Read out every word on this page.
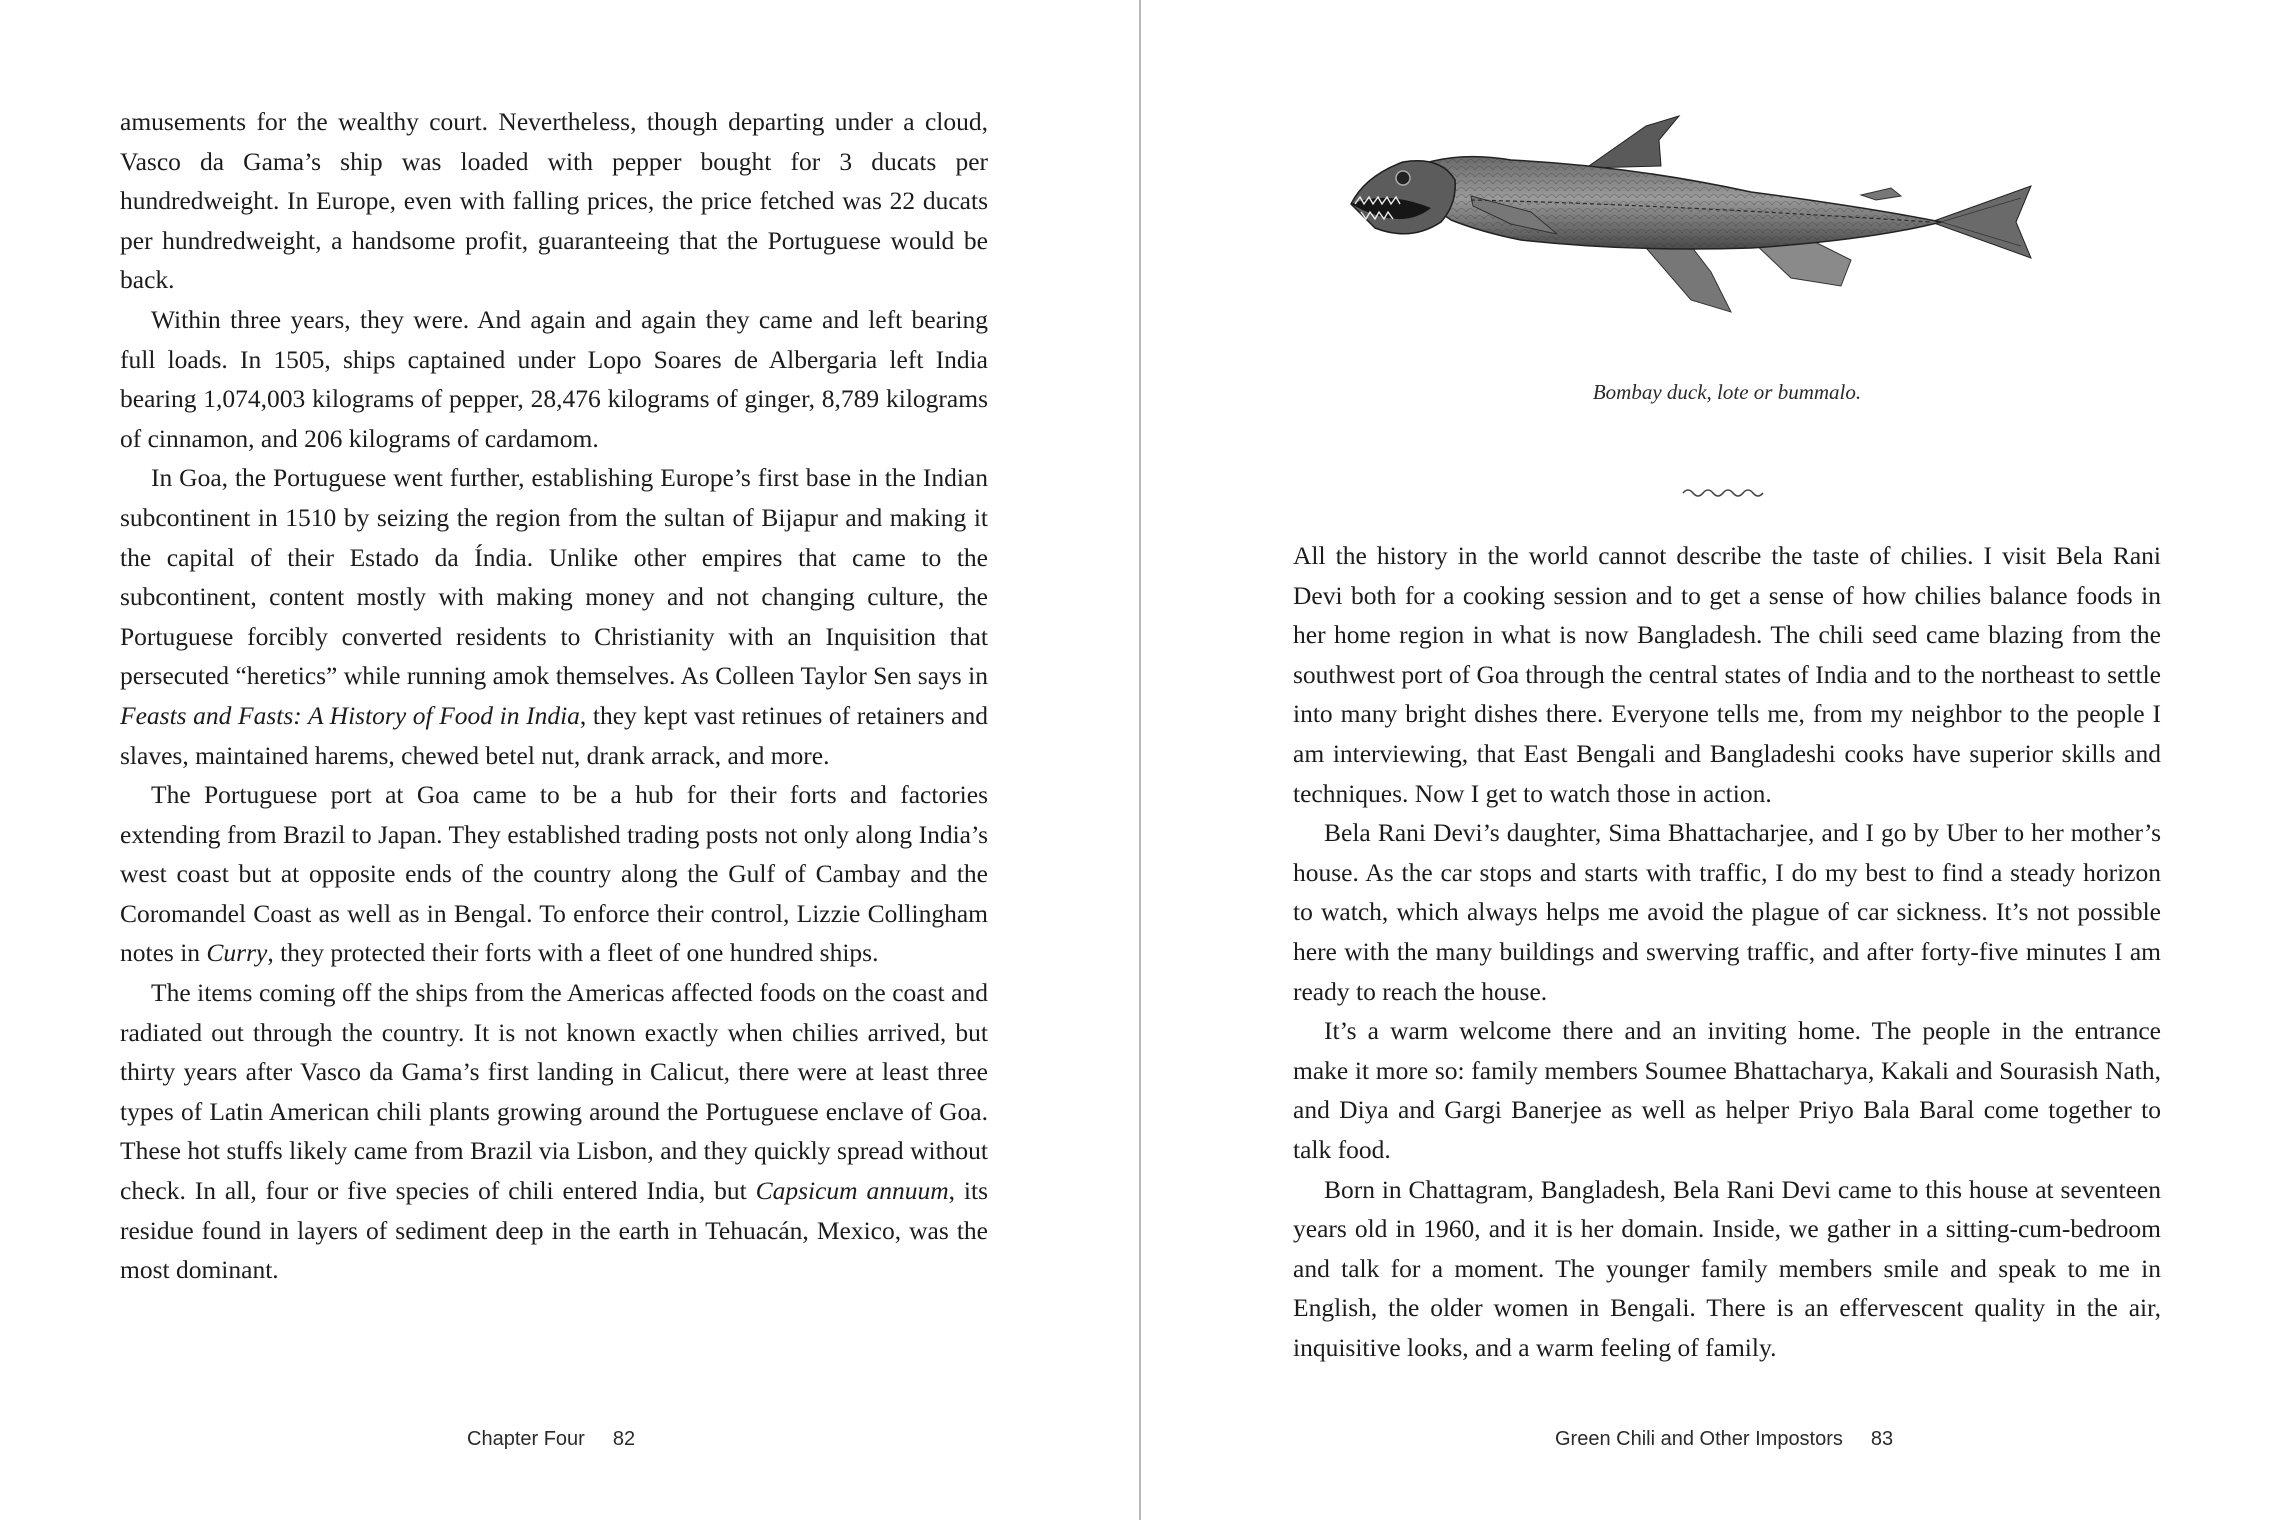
amusements for the wealthy court. Nevertheless, though departing under a cloud, Vasco da Gama’s ship was loaded with pepper bought for 3 ducats per hundredweight. In Europe, even with falling prices, the price fetched was 22 ducats per hundredweight, a handsome profit, guaranteeing that the Portuguese would be back.

Within three years, they were. And again and again they came and left bearing full loads. In 1505, ships captained under Lopo Soares de Albergaria left India bearing 1,074,003 kilograms of pepper, 28,476 kilograms of ginger, 8,789 kilograms of cinnamon, and 206 kilograms of cardamom.

In Goa, the Portuguese went further, establishing Europe’s first base in the Indian subcontinent in 1510 by seizing the region from the sultan of Bijapur and making it the capital of their Estado da Índia. Unlike other empires that came to the subcontinent, content mostly with making money and not changing culture, the Portuguese forcibly converted residents to Christianity with an Inquisition that persecuted “heretics” while running amok themselves. As Colleen Taylor Sen says in Feasts and Fasts: A History of Food in India, they kept vast retinues of retainers and slaves, maintained harems, chewed betel nut, drank arrack, and more.

The Portuguese port at Goa came to be a hub for their forts and factories extending from Brazil to Japan. They established trading posts not only along India’s west coast but at opposite ends of the country along the Gulf of Cambay and the Coromandel Coast as well as in Bengal. To enforce their control, Lizzie Collingham notes in Curry, they protected their forts with a fleet of one hundred ships.

The items coming off the ships from the Americas affected foods on the coast and radiated out through the country. It is not known exactly when chilies arrived, but thirty years after Vasco da Gama’s first landing in Calicut, there were at least three types of Latin American chili plants growing around the Portuguese enclave of Goa. These hot stuffs likely came from Brazil via Lisbon, and they quickly spread without check. In all, four or five species of chili entered India, but Capsicum annuum, its residue found in layers of sediment deep in the earth in Tehuacán, Mexico, was the most dominant.

Chapter Four 82
Bombay duck, lote or bummalo.

All the history in the world cannot describe the taste of chilies. I visit Bela Rani Devi both for a cooking session and to get a sense of how chilies balance foods in her home region in what is now Bangladesh. The chili seed came blazing from the southwest port of Goa through the central states of India and to the northeast to settle into many bright dishes there. Everyone tells me, from my neighbor to the people I am interviewing, that East Bengali and Bangladeshi cooks have superior skills and techniques. Now I get to watch those in action.

Bela Rani Devi’s daughter, Sima Bhattacharjee, and I go by Uber to her mother’s house. As the car stops and starts with traffic, I do my best to find a steady horizon to watch, which always helps me avoid the plague of car sickness. It’s not possible here with the many buildings and swerving traffic, and after forty-five minutes I am ready to reach the house.

It’s a warm welcome there and an inviting home. The people in the entrance make it more so: family members Soumee Bhattacharya, Kakali and Sourasish Nath, and Diya and Gargi Banerjee as well as helper Priyo Bala Baral come together to talk food.

Born in Chattagram, Bangladesh, Bela Rani Devi came to this house at seventeen years old in 1960, and it is her domain. Inside, we gather in a sitting-cum-bedroom and talk for a moment. The younger family members smile and speak to me in English, the older women in Bengali. There is an effervescent quality in the air, inquisitive looks, and a warm feeling of family.

Green Chili and Other Impostors 83
